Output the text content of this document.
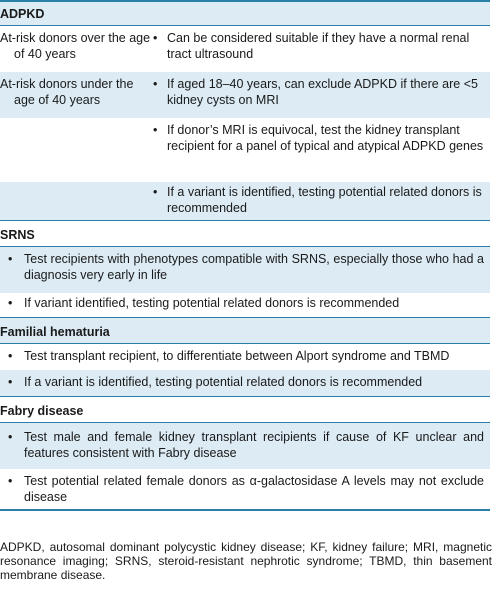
ADPKD
At-risk donors over the age
of 40 years
• Can be considered suitable if they have a normal renal tract ultrasound
At-risk donors under the
age of 40 years
• If aged 18–40 years, can exclude ADPKD if there are <5 kidney cysts on MRI
• If donor’s MRI is equivocal, test the kidney transplant recipient for a panel of typical and atypical ADPKD genes
• If a variant is identified, testing potential related donors is recommended
SRNS
• Test recipients with phenotypes compatible with SRNS, especially those who had a diagnosis very early in life
• If variant identified, testing potential related donors is recommended
Familial hematuria
• Test transplant recipient, to differentiate between Alport syndrome and TBMD
• If a variant is identified, testing potential related donors is recommended
Fabry disease
• Test male and female kidney transplant recipients if cause of KF unclear and features consistent with Fabry disease
• Test potential related female donors as α-galactosidase A levels may not exclude disease
ADPKD, autosomal dominant polycystic kidney disease; KF, kidney failure; MRI, magnetic resonance imaging; SRNS, steroid-resistant nephrotic syndrome; TBMD, thin basement membrane disease.
